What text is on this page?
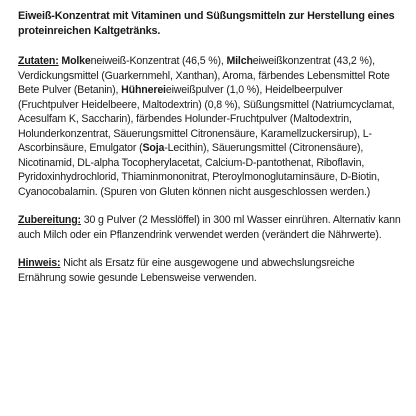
Eiweiß-Konzentrat mit Vitaminen und Süßungsmitteln zur Herstellung eines proteinreichen Kaltgetränks.

Zutaten: Molkeneiweiß-Konzentrat (46,5 %), Milcheiweißkonzentrat (43,2 %), Verdickungsmittel (Guarkernmehl, Xanthan), Aroma, färbendes Lebensmittel Rote Bete Pulver (Betanin), Hühnereieiweißpulver (1,0 %), Heidelbeerpulver (Fruchtpulver Heidelbeere, Maltodextrin) (0,8 %), Süßungsmittel (Natriumcyclamat, Acesulfam K, Saccharin), färbendes Holunder-Fruchtpulver (Maltodextrin, Holunderkonzentrat, Säuerungsmittel Citronensäure, Karamellzuckersirup), L-Ascorbinsäure, Emulgator (Soja-Lecithin), Säuerungsmittel (Citronensäure), Nicotinamid, DL-alpha Tocopherylacetat, Calcium-D-pantothenat, Riboflavin, Pyridoxinhydrochlorid, Thiaminmononitrat, Pteroylmonoglutaminsäure, D-Biotin, Cyanocobalamin. (Spuren von Gluten können nicht ausgeschlossen werden.)

Zubereitung: 30 g Pulver (2 Messlöffel) in 300 ml Wasser einrühren. Alternativ kann auch Milch oder ein Pflanzendrink verwendet werden (verändert die Nährwerte).

Hinweis: Nicht als Ersatz für eine ausgewogene und abwechslungsreiche Ernährung sowie gesunde Lebensweise verwenden.
